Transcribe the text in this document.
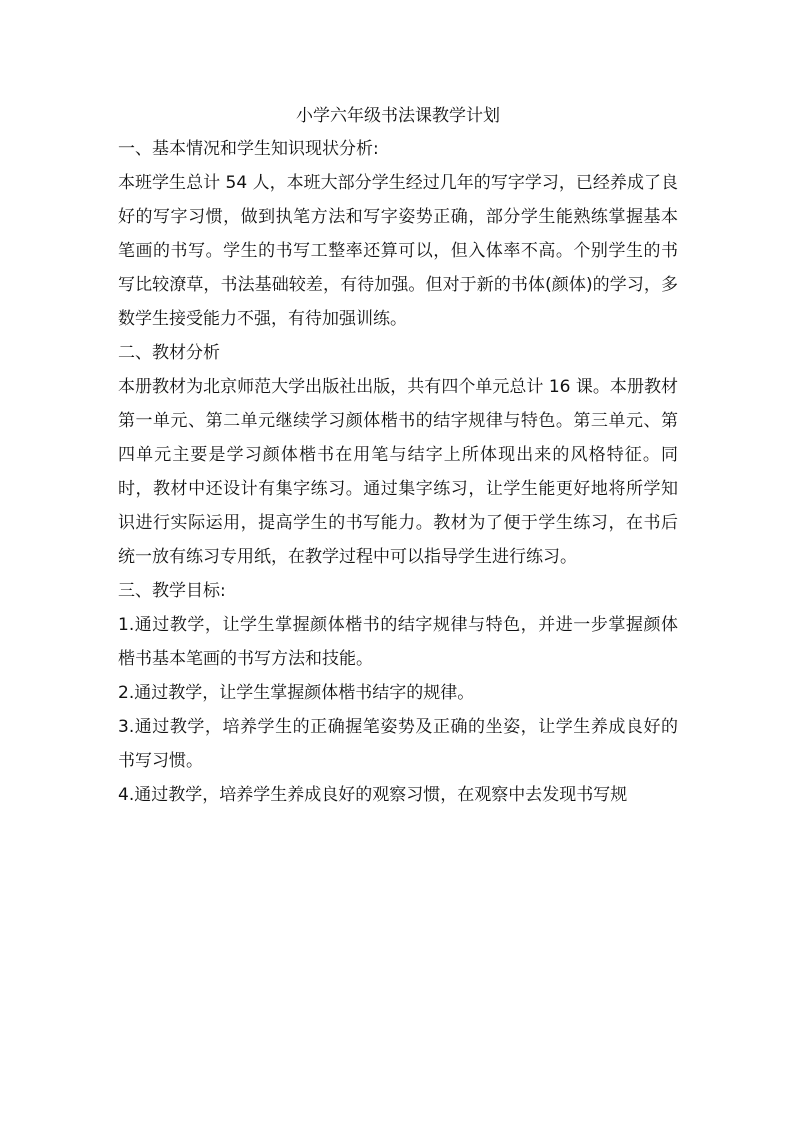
小学六年级书法课教学计划

一、基本情况和学生知识现状分析:

本班学生总计 54 人，本班大部分学生经过几年的写字学习，已经养成了良好的写字习惯，做到执笔方法和写字姿势正确，部分学生能熟练掌握基本笔画的书写。学生的书写工整率还算可以，但入体率不高。个别学生的书写比较潦草，书法基础较差，有待加强。但对于新的书体(颜体)的学习，多数学生接受能力不强，有待加强训练。

二、教材分析

本册教材为北京师范大学出版社出版，共有四个单元总计 16 课。本册教材第一单元、第二单元继续学习颜体楷书的结字规律与特色。第三单元、第四单元主要是学习颜体楷书在用笔与结字上所体现出来的风格特征。同时，教材中还设计有集字练习。通过集字练习，让学生能更好地将所学知识进行实际运用，提高学生的书写能力。教材为了便于学生练习，在书后统一放有练习专用纸，在教学过程中可以指导学生进行练习。

三、教学目标:

1.通过教学，让学生掌握颜体楷书的结字规律与特色，并进一步掌握颜体楷书基本笔画的书写方法和技能。

2.通过教学，让学生掌握颜体楷书结字的规律。

3.通过教学，培养学生的正确握笔姿势及正确的坐姿，让学生养成良好的书写习惯。

4.通过教学，培养学生养成良好的观察习惯，在观察中去发现书写规
